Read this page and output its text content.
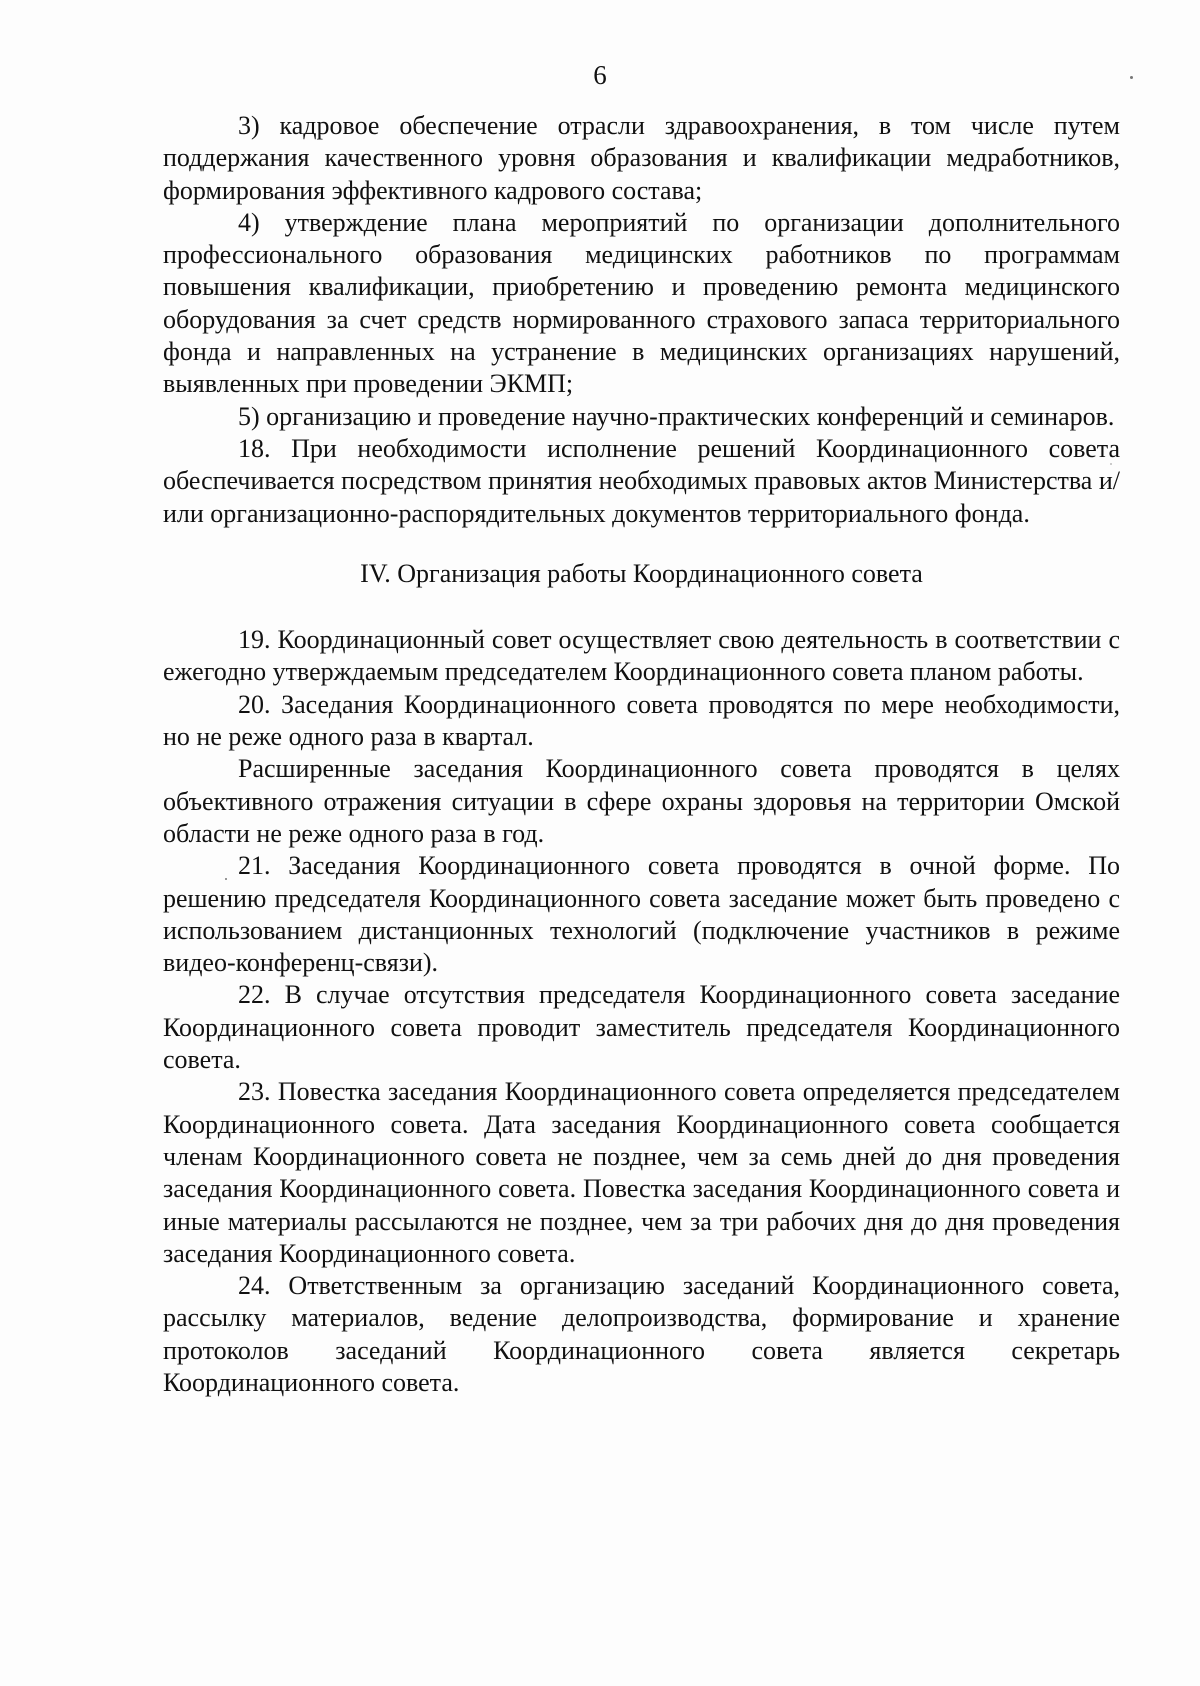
6

3) кадровое обеспечение отрасли здравоохранения, в том числе путем поддержания качественного уровня образования и квалификации медработников, формирования эффективного кадрового состава;

4) утверждение плана мероприятий по организации дополнительного профессионального образования медицинских работников по программам повышения квалификации, приобретению и проведению ремонта медицинского оборудования за счет средств нормированного страхового запаса территориального фонда и направленных на устранение в медицинских организациях нарушений, выявленных при проведении ЭКМП;

5) организацию и проведение научно-практических конференций и семинаров.

18. При необходимости исполнение решений Координационного совета обеспечивается посредством принятия необходимых правовых актов Министерства и/или организационно-распорядительных документов территориального фонда.

IV. Организация работы Координационного совета

19. Координационный совет осуществляет свою деятельность в соответствии с ежегодно утверждаемым председателем Координационного совета планом работы.

20. Заседания Координационного совета проводятся по мере необходимости, но не реже одного раза в квартал.

Расширенные заседания Координационного совета проводятся в целях объективного отражения ситуации в сфере охраны здоровья на территории Омской области не реже одного раза в год.

21. Заседания Координационного совета проводятся в очной форме. По решению председателя Координационного совета заседание может быть проведено с использованием дистанционных технологий (подключение участников в режиме видео-конференц-связи).

22. В случае отсутствия председателя Координационного совета заседание Координационного совета проводит заместитель председателя Координационного совета.

23. Повестка заседания Координационного совета определяется председателем Координационного совета. Дата заседания Координационного совета сообщается членам Координационного совета не позднее, чем за семь дней до дня проведения заседания Координационного совета. Повестка заседания Координационного совета и иные материалы рассылаются не позднее, чем за три рабочих дня до дня проведения заседания Координационного совета.

24. Ответственным за организацию заседаний Координационного совета, рассылку материалов, ведение делопроизводства, формирование и хранение протоколов заседаний Координационного совета является секретарь Координационного совета.
